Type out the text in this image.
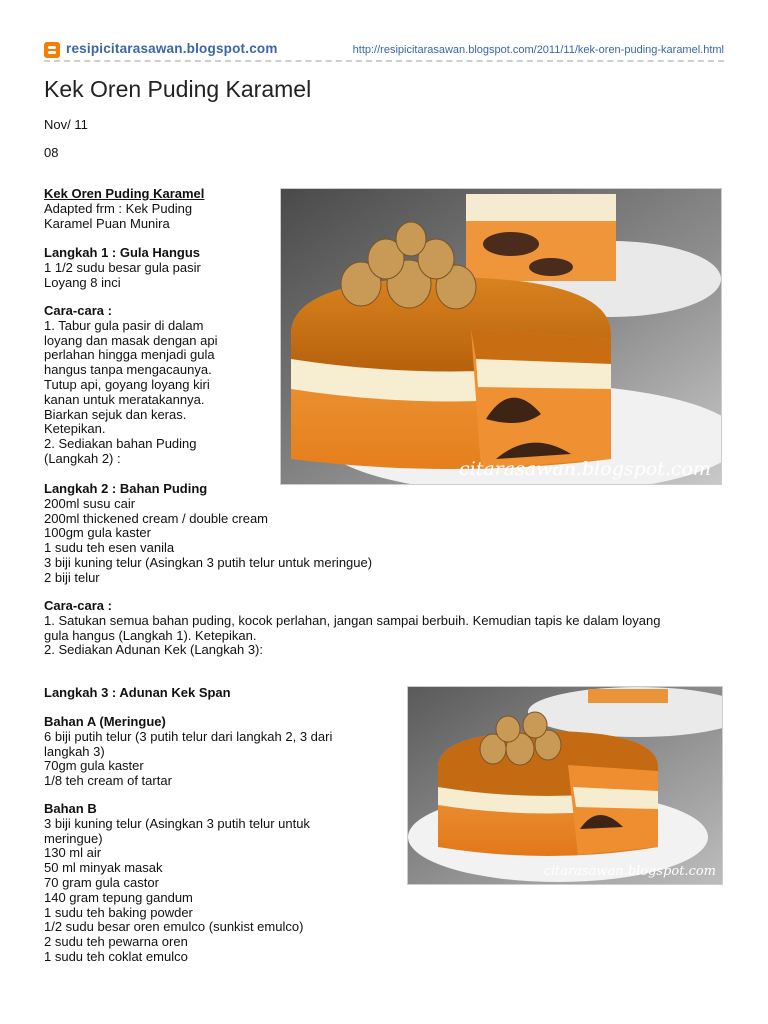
resipicitarasawan.blogspot.com	http://resipicitarasawan.blogspot.com/2011/11/kek-oren-puding-karamel.html
Kek Oren Puding Karamel
Nov/ 11
08
Kek Oren Puding Karamel
Adapted frm : Kek Puding
Karamel Puan Munira
Langkah 1 : Gula Hangus
1 1/2 sudu besar gula pasir
Loyang 8 inci
Cara-cara :
1. Tabur gula pasir di dalam
loyang dan masak dengan api
perlahan hingga menjadi gula
hangus tanpa mengacaunya.
Tutup api, goyang loyang kiri
kanan untuk meratakannya.
Biarkan sejuk dan keras.
Ketepikan.
2. Sediakan bahan Puding
(Langkah 2) :	citarasawan.blogspot.com
Langkah 2 : Bahan Puding
200ml susu cair
200ml thickened cream / double cream
100gm gula kaster
1 sudu teh esen vanila
3 biji kuning telur (Asingkan 3 putih telur untuk meringue)
2 biji telur
Cara-cara :
1. Satukan semua bahan puding, kocok perlahan, jangan sampai berbuih. Kemudian tapis ke dalam loyang
gula hangus (Langkah 1). Ketepikan.
2. Sediakan Adunan Kek (Langkah 3):
Langkah 3 : Adunan Kek Span
Bahan A (Meringue)
6 biji putih telur (3 putih telur dari langkah 2, 3 dari
langkah 3)
70gm gula kaster
1/8 teh cream of tartar
citarasawan.blogspot.com
Bahan B
3 biji kuning telur (Asingkan 3 putih telur untuk
meringue)
130 ml air
50 ml minyak masak
70 gram gula castor
140 gram tepung gandum
1 sudu teh baking powder
1/2 sudu besar oren emulco (sunkist emulco)
2 sudu teh pewarna oren
1 sudu teh coklat emulco
